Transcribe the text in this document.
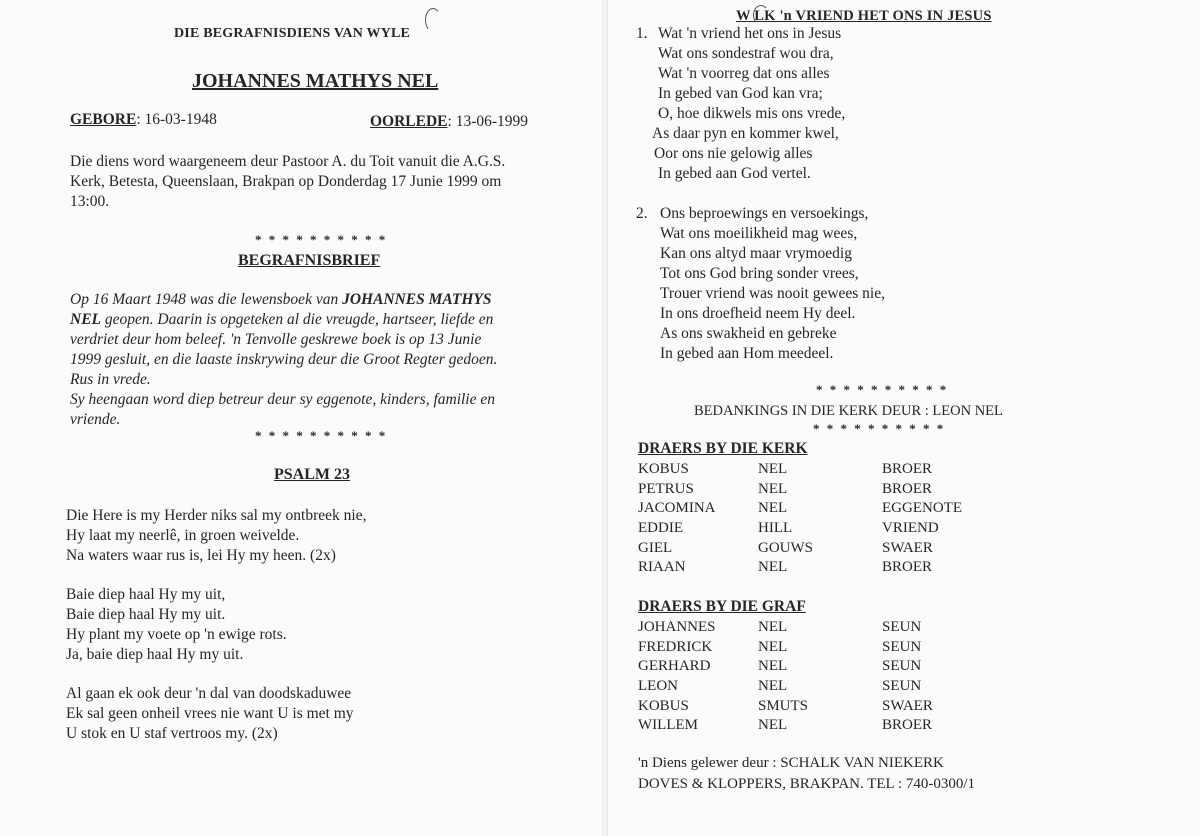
DIE BEGRAFNISDIENS VAN WYLE
JOHANNES MATHYS NEL
GEBORE: 16-03-1948	OORLEDE: 13-06-1999
Die diens word waargeneem deur Pastoor A. du Toit vanuit die A.G.S.
Kerk, Betesta, Queenslaan, Brakpan op Donderdag 17 Junie 1999 om
13:00.
* * * * * * * * * *
BEGRAFNISBRIEF
Op 16 Maart 1948 was die lewensboek van JOHANNES MATHYS
NEL geopen. Daarin is opgeteken al die vreugde, hartseer, liefde en
verdriet deur hom beleef. 'n Tenvolle geskrewe boek is op 13 Junie
1999 gesluit, en die laaste inskrywing deur die Groot Regter gedoen.
Rus in vrede.
Sy heengaan word diep betreur deur sy eggenote, kinders, familie en
vriende.
* * * * * * * * * *
PSALM 23
Die Here is my Herder niks sal my ontbreek nie,
Hy laat my neerlê, in groen weivelde.
Na waters waar rus is, lei Hy my heen. (2x)
Baie diep haal Hy my uit,
Baie diep haal Hy my uit.
Hy plant my voete op 'n ewige rots.
Ja, baie diep haal Hy my uit.
Al gaan ek ook deur 'n dal van doodskaduwee
Ek sal geen onheil vrees nie want U is met my
U stok en U staf vertroos my. (2x)
W LK 'n VRIEND HET ONS IN JESUS
1. Wat 'n vriend het ons in Jesus
Wat ons sondestraf wou dra,
Wat 'n voorreg dat ons alles
In gebed van God kan vra;
O, hoe dikwels mis ons vrede,
As daar pyn en kommer kwel,
Oor ons nie gelowig alles
In gebed aan God vertel.
2. Ons beproewings en versoekings,
Wat ons moeilikheid mag wees,
Kan ons altyd maar vrymoedig
Tot ons God bring sonder vrees,
Trouer vriend was nooit gewees nie,
In ons droefheid neem Hy deel.
As ons swakheid en gebreke
In gebed aan Hom meedeel.
* * * * * * * * * *
BEDANKINGS IN DIE KERK DEUR : LEON NEL
* * * * * * * * * *
DRAERS BY DIE KERK
KOBUS	NEL	BROER
PETRUS	NEL	BROER
JACOMINA	NEL	EGGENOTE
EDDIE	HILL	VRIEND
GIEL	GOUWS	SWAER
RIAAN	NEL	BROER
DRAERS BY DIE GRAF
JOHANNES	NEL	SEUN
FREDRICK	NEL	SEUN
GERHARD	NEL	SEUN
LEON	NEL	SEUN
KOBUS	SMUTS	SWAER
WILLEM	NEL	BROER
'n Diens gelewer deur : SCHALK VAN NIEKERK
DOVES & KLOPPERS, BRAKPAN. TEL : 740-0300/1
